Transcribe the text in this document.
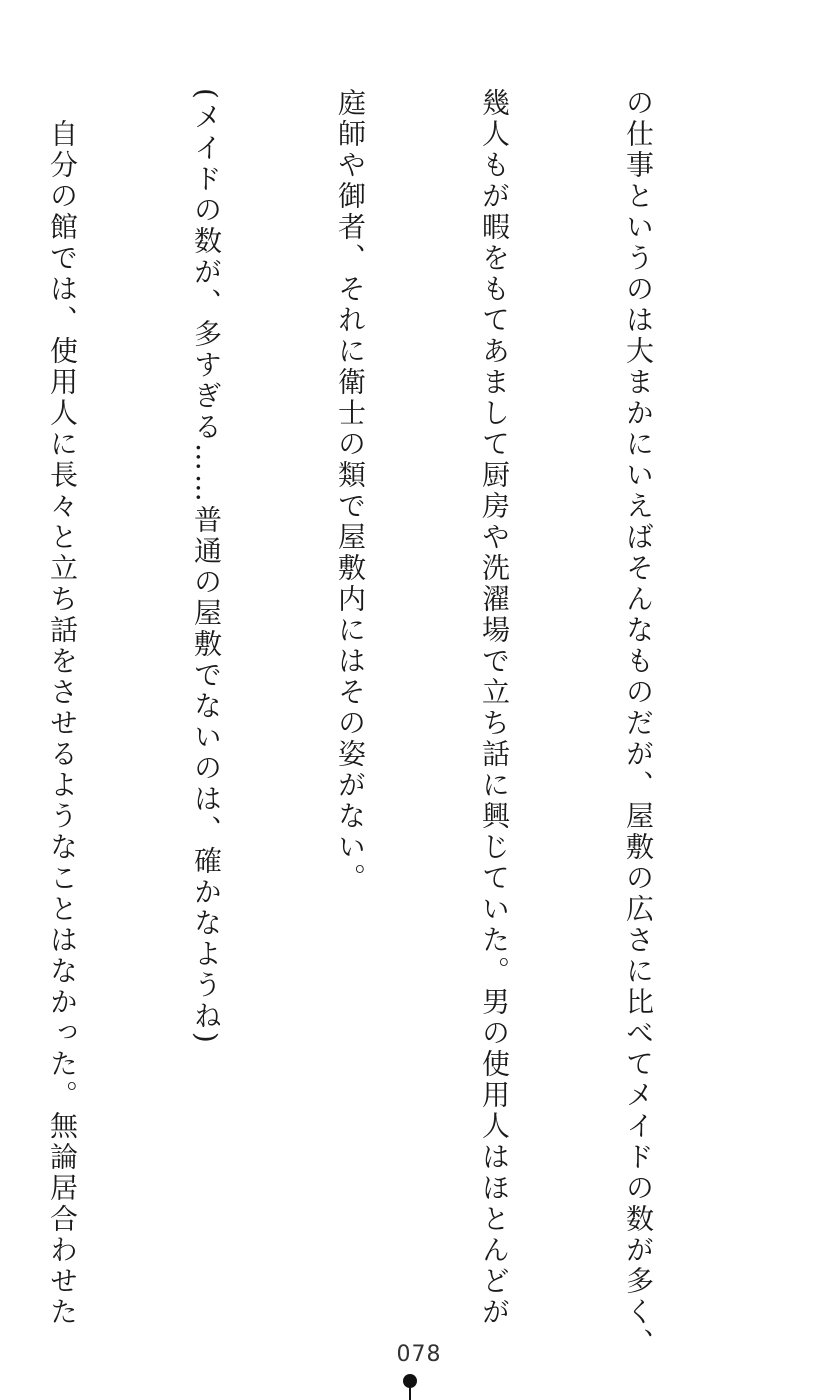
の仕事というのは大まかにいえばそんなものだが、屋敷の広さに比べてメイドの数が多く、

幾人もが暇をもてあまして厨房や洗濯場で立ち話に興じていた。男の使用人はほとんどが

庭師や御者、それに衛士の類で屋敷内にはその姿がない。

(メイドの数が、多すぎる……普通の屋敷でないのは、確かなようね)

　自分の館では、使用人に長々と立ち話をさせるようなことはなかった。無論居合わせた

078
